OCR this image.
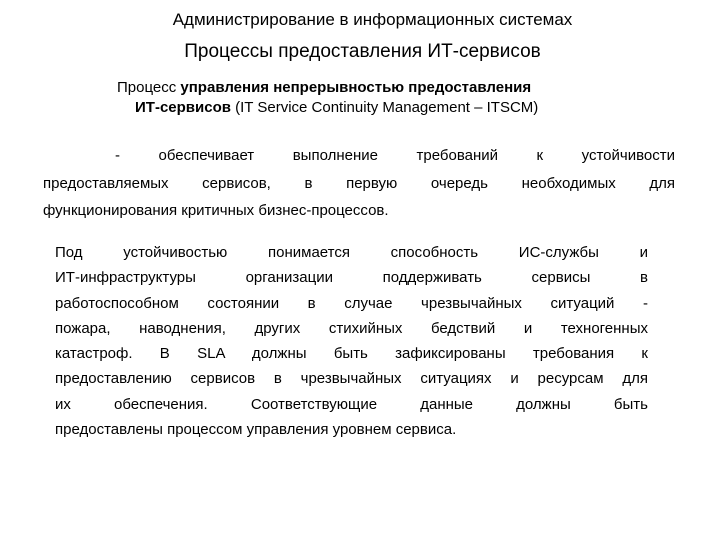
Администрирование в информационных системах
Процессы предоставления ИТ-сервисов
Процесс управления непрерывностью предоставления
ИТ-сервисов (IT Service Continuity Management – ITSCM)
- обеспечивает выполнение требований к устойчивости
предоставляемых сервисов, в первую очередь необходимых для
функционирования критичных бизнес-процессов.
Под устойчивостью понимается способность ИС-службы и
ИТ-инфраструктуры организации поддерживать сервисы в
работоспособном состоянии в случае чрезвычайных ситуаций -
пожара, наводнения, других стихийных бедствий и техногенных
катастроф. В SLA должны быть зафиксированы требования к
предоставлению сервисов в чрезвычайных ситуациях и ресурсам для
их обеспечения. Соответствующие данные должны быть
предоставлены процессом управления уровнем сервиса.
